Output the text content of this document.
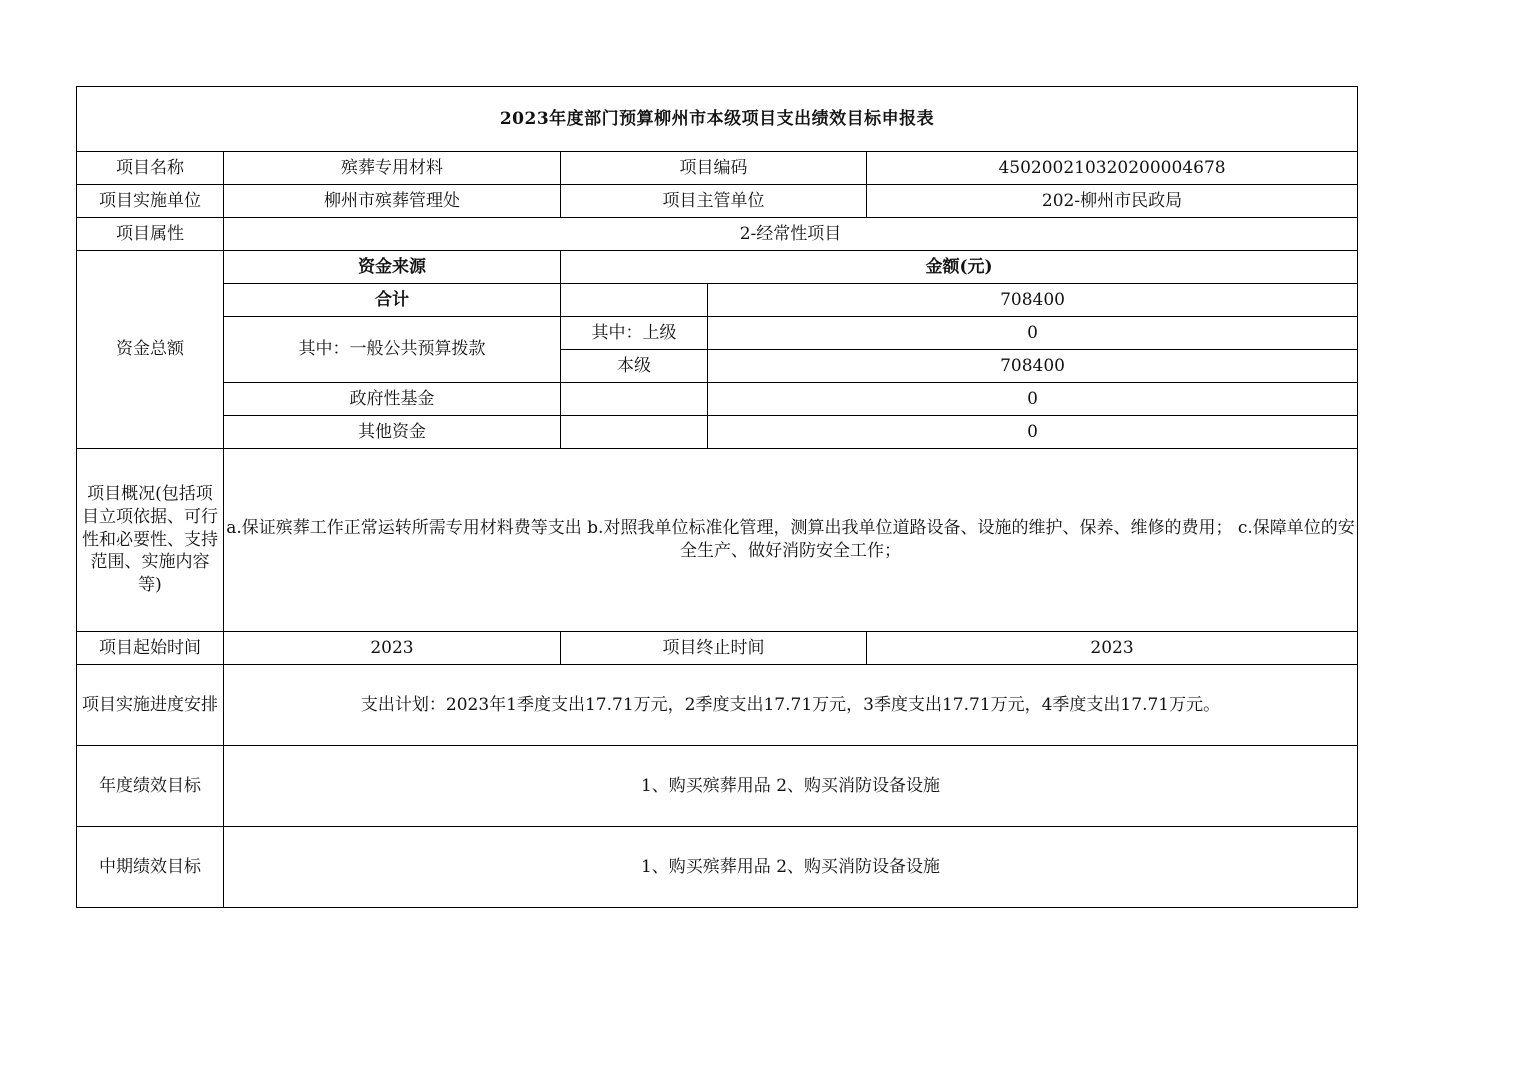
2023年度部门预算柳州市本级项目支出绩效目标申报表				
项目名称	殡葬专用材料	项目编码		450200210320200004678
项目实施单位	柳州市殡葬管理处	项目主管单位		202-柳州市民政局
项目属性	2-经常性项目			
资金总额	资金来源	金额(元)		
	合计		708400	
	其中：一般公共预算拨款	其中：上级	0	
		本级	708400	
	政府性基金		0	
	其他资金		0	
项目概况(包括项目立项依据、可行性和必要性、支持范围、实施内容等)	a.保证殡葬工作正常运转所需专用材料费等支出 b.对照我单位标准化管理，测算出我单位道路设备、设施的维护、保养、维修的费用； c.保障单位的安全生产、做好消防安全工作；			
项目起始时间	2023	项目终止时间		2023
项目实施进度安排	支出计划：2023年1季度支出17.71万元，2季度支出17.71万元，3季度支出17.71万元，4季度支出17.71万元。			
年度绩效目标	1、购买殡葬用品 2、购买消防设备设施			
中期绩效目标	1、购买殡葬用品 2、购买消防设备设施			
